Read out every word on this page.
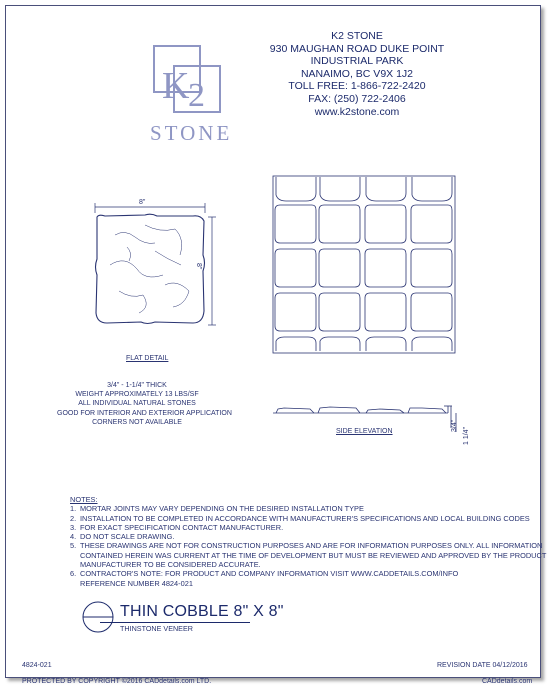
K
2
STONE
K2 STONE
930 MAUGHAN ROAD DUKE POINT
INDUSTRIAL PARK
NANAIMO, BC V9X 1J2
TOLL FREE: 1-866-722-2420
FAX: (250) 722-2406
www.k2stone.com
8"
8"
FLAT DETAIL
3/4" - 1-1/4" THICK
WEIGHT APPROXIMATELY 13 LBS/SF
ALL INDIVIDUAL NATURAL STONES
GOOD FOR INTERIOR AND EXTERIOR APPLICATION
CORNERS NOT AVAILABLE
SIDE ELEVATION	3/4"
1 1/4"
NOTES:
1. MORTAR JOINTS MAY VARY DEPENDING ON THE DESIRED INSTALLATION TYPE
2. INSTALLATION TO BE COMPLETED IN ACCORDANCE WITH MANUFACTURER'S SPECIFICATIONS AND LOCAL BUILDING CODES
3. FOR EXACT SPECIFICATION CONTACT MANUFACTURER.
4. DO NOT SCALE DRAWING.
5. THESE DRAWINGS ARE NOT FOR CONSTRUCTION PURPOSES AND ARE FOR INFORMATION PURPOSES ONLY. ALL INFORMATION
CONTAINED HEREIN WAS CURRENT AT THE TIME OF DEVELOPMENT BUT MUST BE REVIEWED AND APPROVED BY THE PRODUCT
MANUFACTURER TO BE CONSIDERED ACCURATE.
6. CONTRACTOR'S NOTE: FOR PRODUCT AND COMPANY INFORMATION VISIT WWW.CADDETAILS.COM/INFO
REFERENCE NUMBER 4824-021
THIN COBBLE 8" X 8"
THINSTONE VENEER
4824-021	REVISION DATE 04/12/2016
PROTECTED BY COPYRIGHT ©2016 CADdetails.com LTD.	CADdetails.com
